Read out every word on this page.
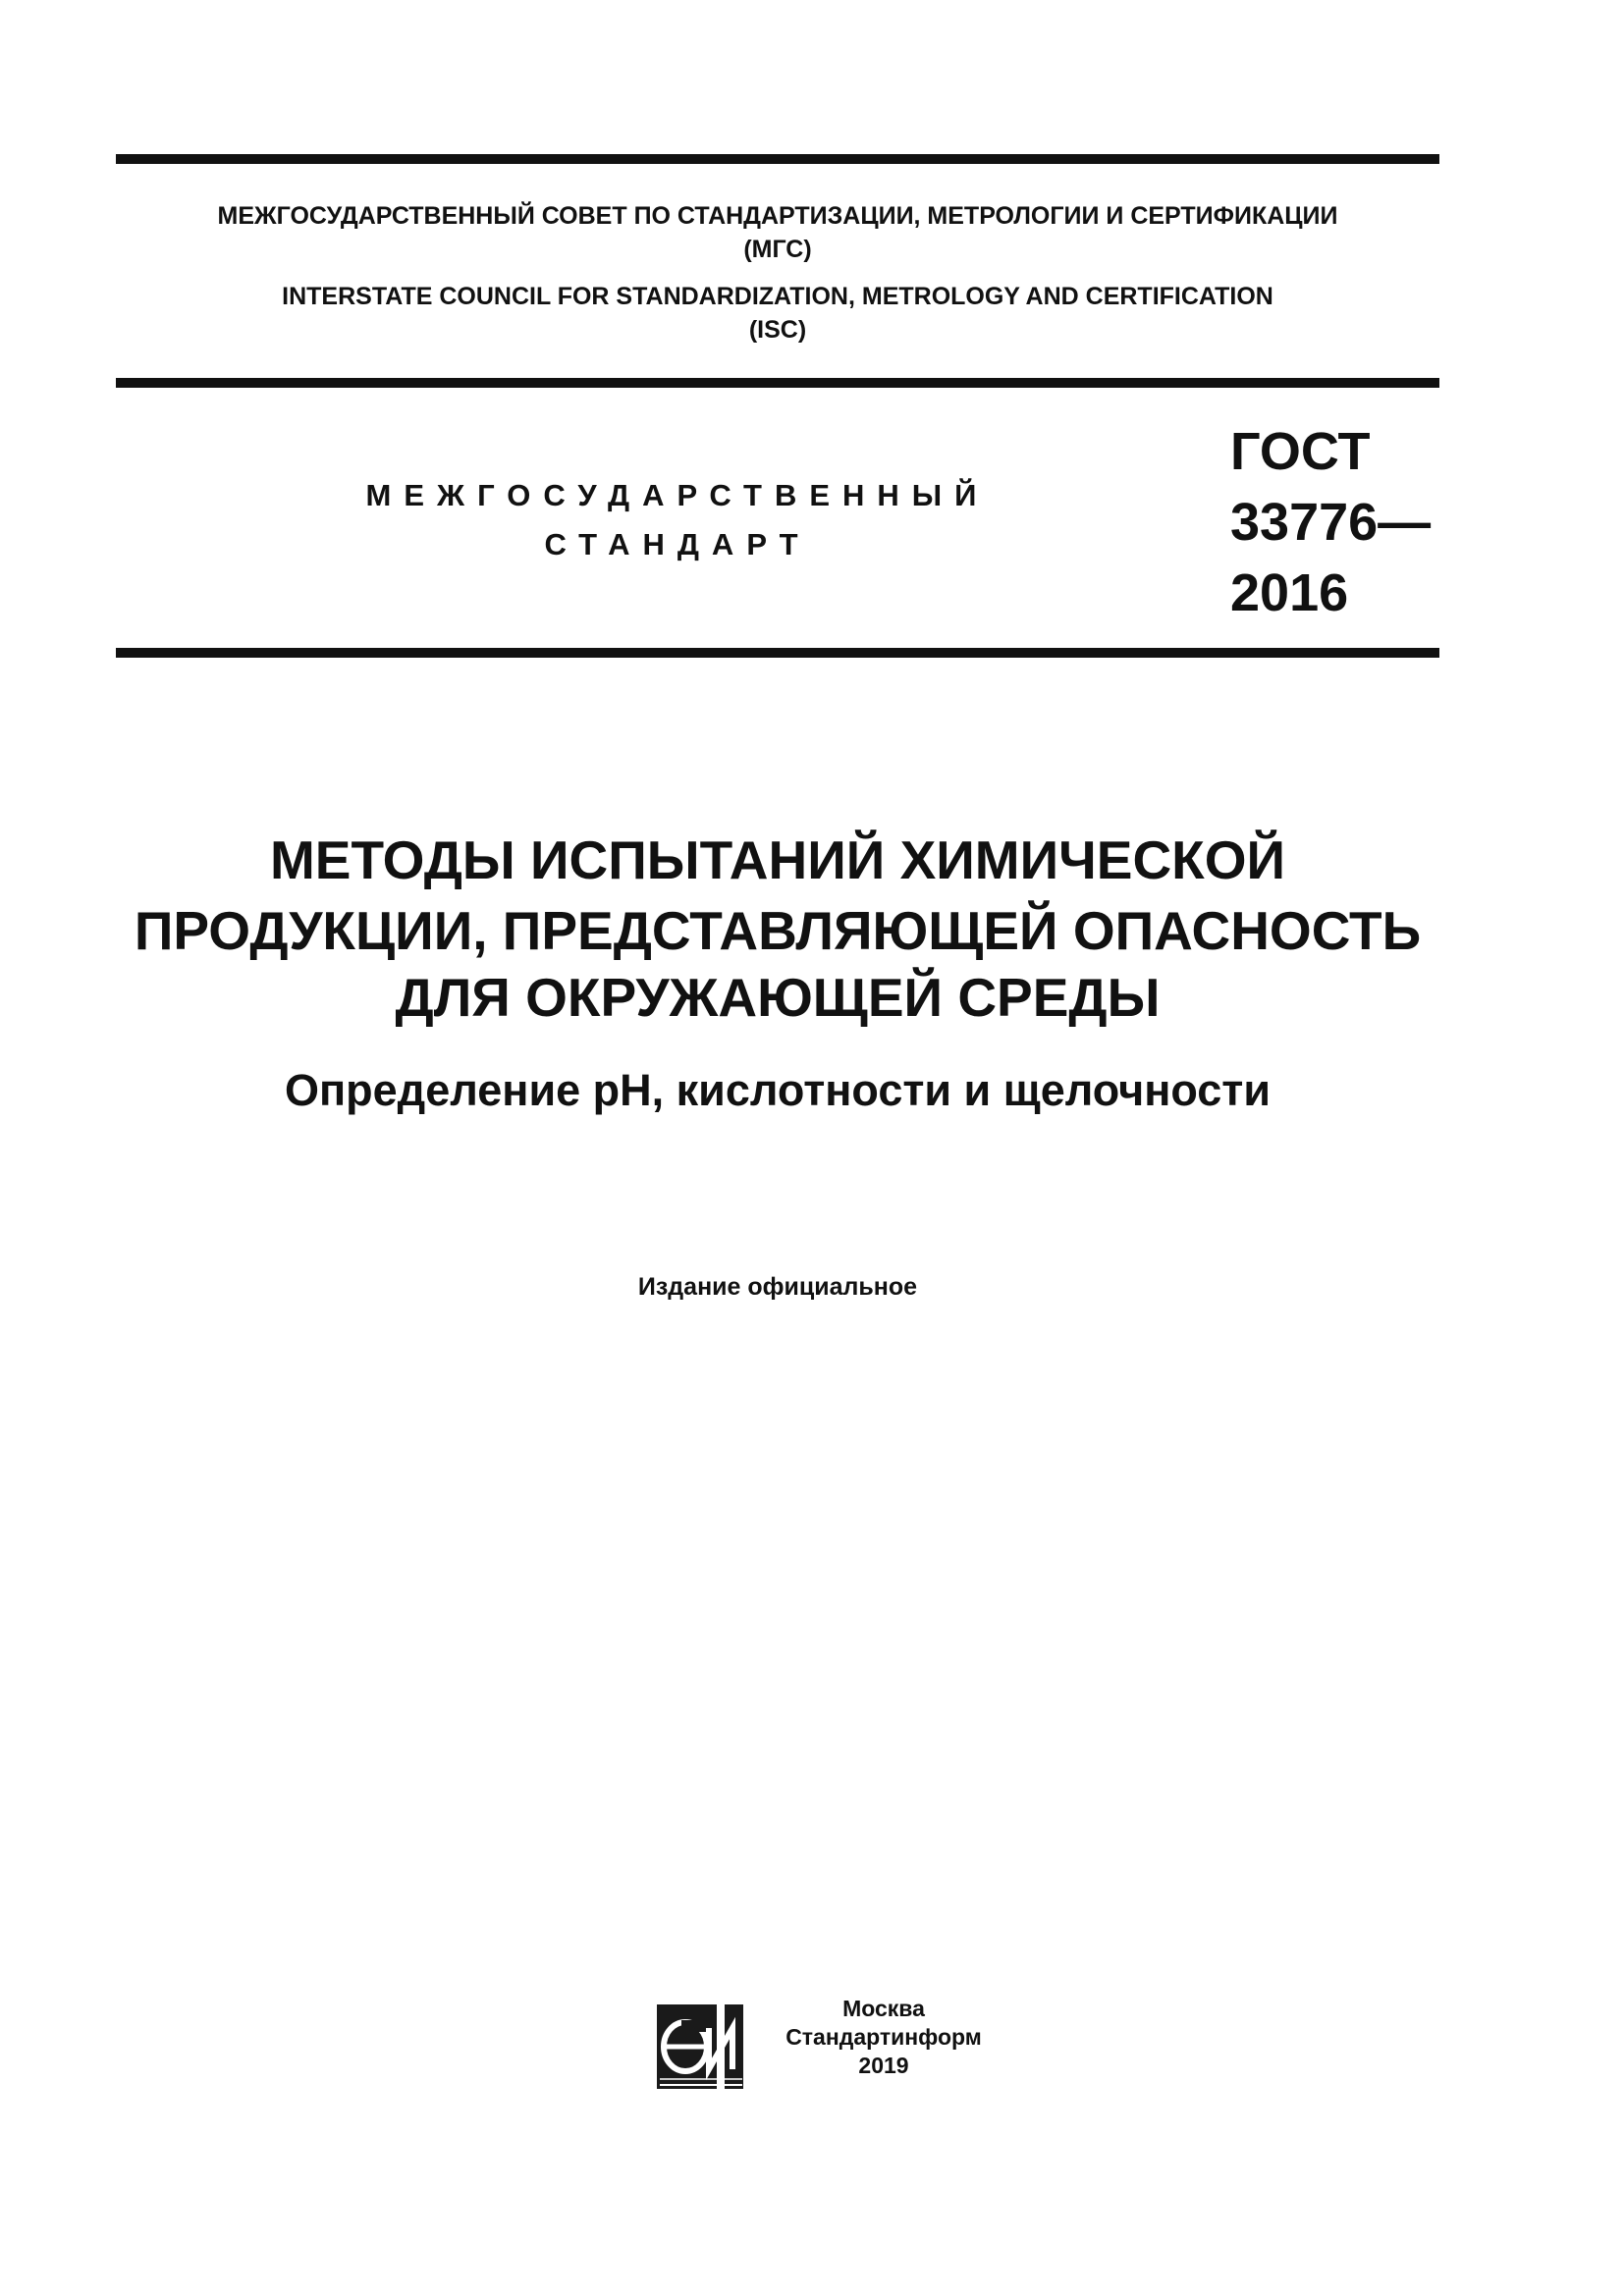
МЕЖГОСУДАРСТВЕННЫЙ СОВЕТ ПО СТАНДАРТИЗАЦИИ, МЕТРОЛОГИИ И СЕРТИФИКАЦИИ
(МГС)
INTERSTATE COUNCIL FOR STANDARDIZATION, METROLOGY AND CERTIFICATION
(ISC)
МЕЖГОСУДАРСТВЕННЫЙ
СТАНДАРТ
ГОСТ
33776—
2016
МЕТОДЫ ИСПЫТАНИЙ ХИМИЧЕСКОЙ
ПРОДУКЦИИ, ПРЕДСТАВЛЯЮЩЕЙ ОПАСНОСТЬ
ДЛЯ ОКРУЖАЮЩЕЙ СРЕДЫ
Определение pH, кислотности и щелочности
Издание официальное
Москва
Стандартинформ
2019
